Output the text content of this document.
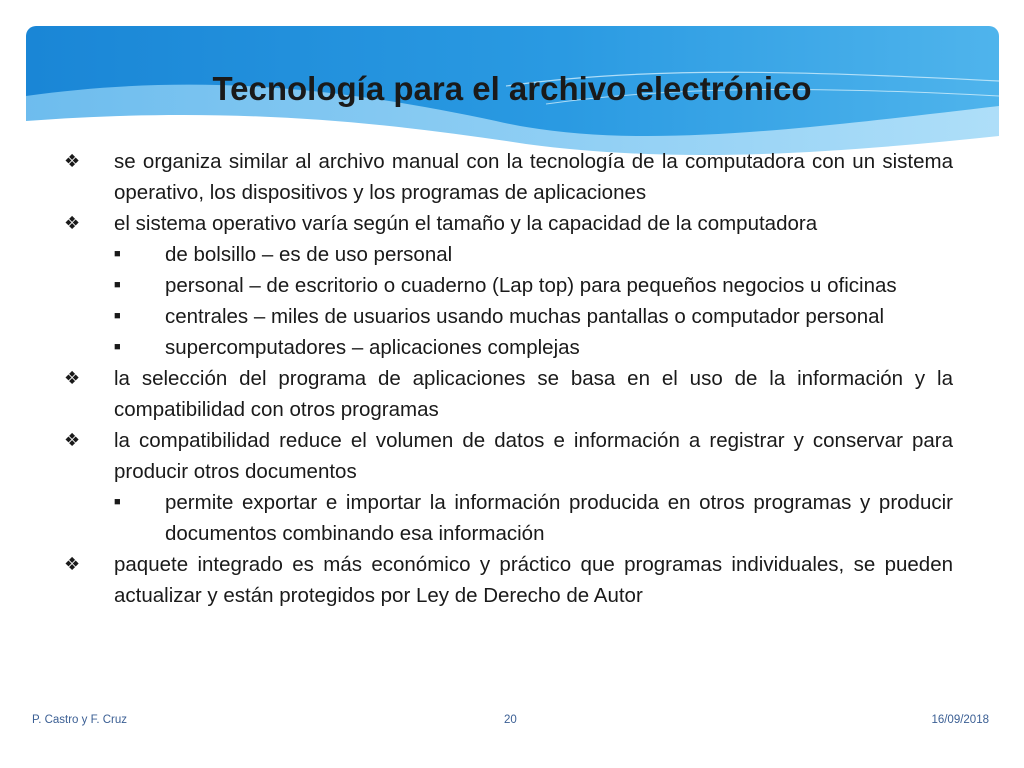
Tecnología para el archivo electrónico
❖ se organiza similar al archivo manual con la tecnología de la computadora con un sistema operativo, los dispositivos y los programas de aplicaciones
❖ el sistema operativo varía según el tamaño y la capacidad de la computadora
■ de bolsillo – es de uso personal
■ personal – de escritorio o cuaderno (Lap top) para pequeños negocios u oficinas
■ centrales – miles de usuarios usando muchas pantallas o computador personal
■ supercomputadores – aplicaciones complejas
❖ la selección del programa de aplicaciones se basa en el uso de la información y la compatibilidad con otros programas
❖ la compatibilidad reduce el volumen de datos e información a registrar y conservar para producir otros documentos
■ permite exportar e importar la información producida en otros programas y producir documentos combinando esa información
❖ paquete integrado es más económico y práctico que programas individuales, se pueden actualizar y están protegidos por Ley de Derecho de Autor
P. Castro y F. Cruz	20	16/09/2018
